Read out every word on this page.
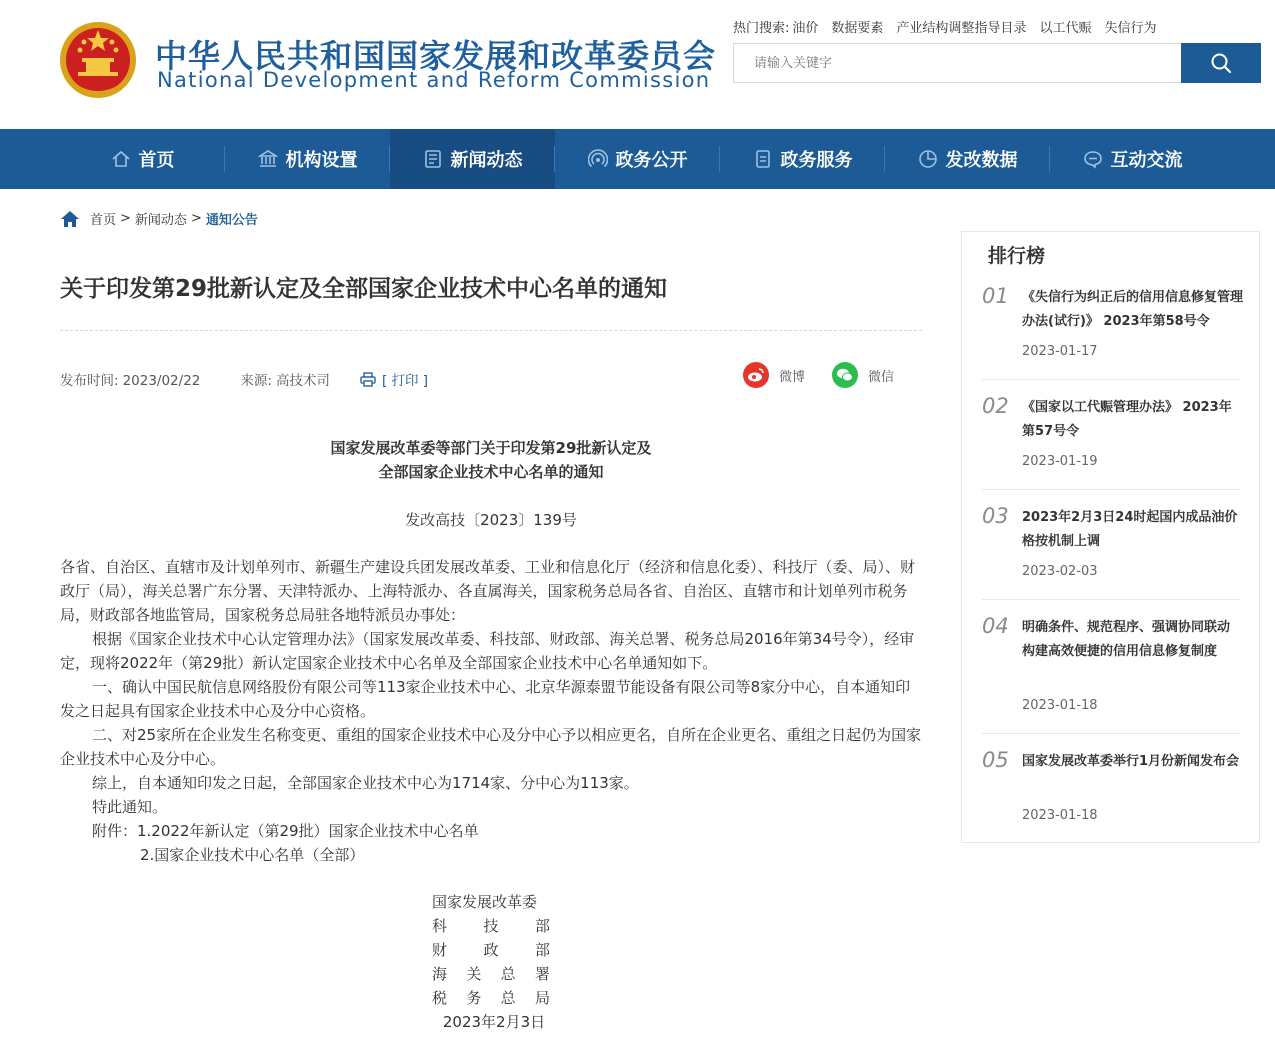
中华人民共和国国家发展和改革委员会
National Development and Reform Commission
热门搜索: 油价 数据要素 产业结构调整指导目录 以工代赈 失信行为
请输入关键字
首页	机构设置	新闻动态	政务公开	政务服务	发改数据	互动交流
首页 > 新闻动态 > 通知公告
关于印发第29批新认定及全部国家企业技术中心名单的通知
发布时间: 2023/02/22	来源: 高技术司	[ 打印 ]	微博	微信
国家发展改革委等部门关于印发第29批新认定及
全部国家企业技术中心名单的通知
发改高技〔2023〕139号

各省、自治区、直辖市及计划单列市、新疆生产建设兵团发展改革委、工业和信息化厅（经济和信息化委）、科技厅（委、局）、财政厅（局），海关总署广东分署、天津特派办、上海特派办、各直属海关，国家税务总局各省、自治区、直辖市和计划单列市税务局，财政部各地监管局，国家税务总局驻各地特派员办事处：

根据《国家企业技术中心认定管理办法》（国家发展改革委、科技部、财政部、海关总署、税务总局2016年第34号令），经审定，现将2022年（第29批）新认定国家企业技术中心名单及全部国家企业技术中心名单通知如下。

一、确认中国民航信息网络股份有限公司等113家企业技术中心、北京华源泰盟节能设备有限公司等8家分中心，自本通知印发之日起具有国家企业技术中心及分中心资格。

二、对25家所在企业发生名称变更、重组的国家企业技术中心及分中心予以相应更名，自所在企业更名、重组之日起仍为国家企业技术中心及分中心。

综上，自本通知印发之日起，全部国家企业技术中心为1714家、分中心为113家。

特此通知。

附件：1.2022年新认定（第29批）国家企业技术中心名单

2.国家企业技术中心名单（全部）

国家发展改革委
科 技 部
财 政 部
海 关 总 署
税 务 总 局
2023年2月3日
排行榜
01 《失信行为纠正后的信用信息修复管理办法(试行)》 2023年第58号令
2023-01-17
02 《国家以工代赈管理办法》 2023年第57号令
2023-01-19
03 2023年2月3日24时起国内成品油价格按机制上调
2023-02-03
04 明确条件、规范程序、强调协同联动 构建高效便捷的信用信息修复制度
2023-01-18
05 国家发展改革委举行1月份新闻发布会
2023-01-18
